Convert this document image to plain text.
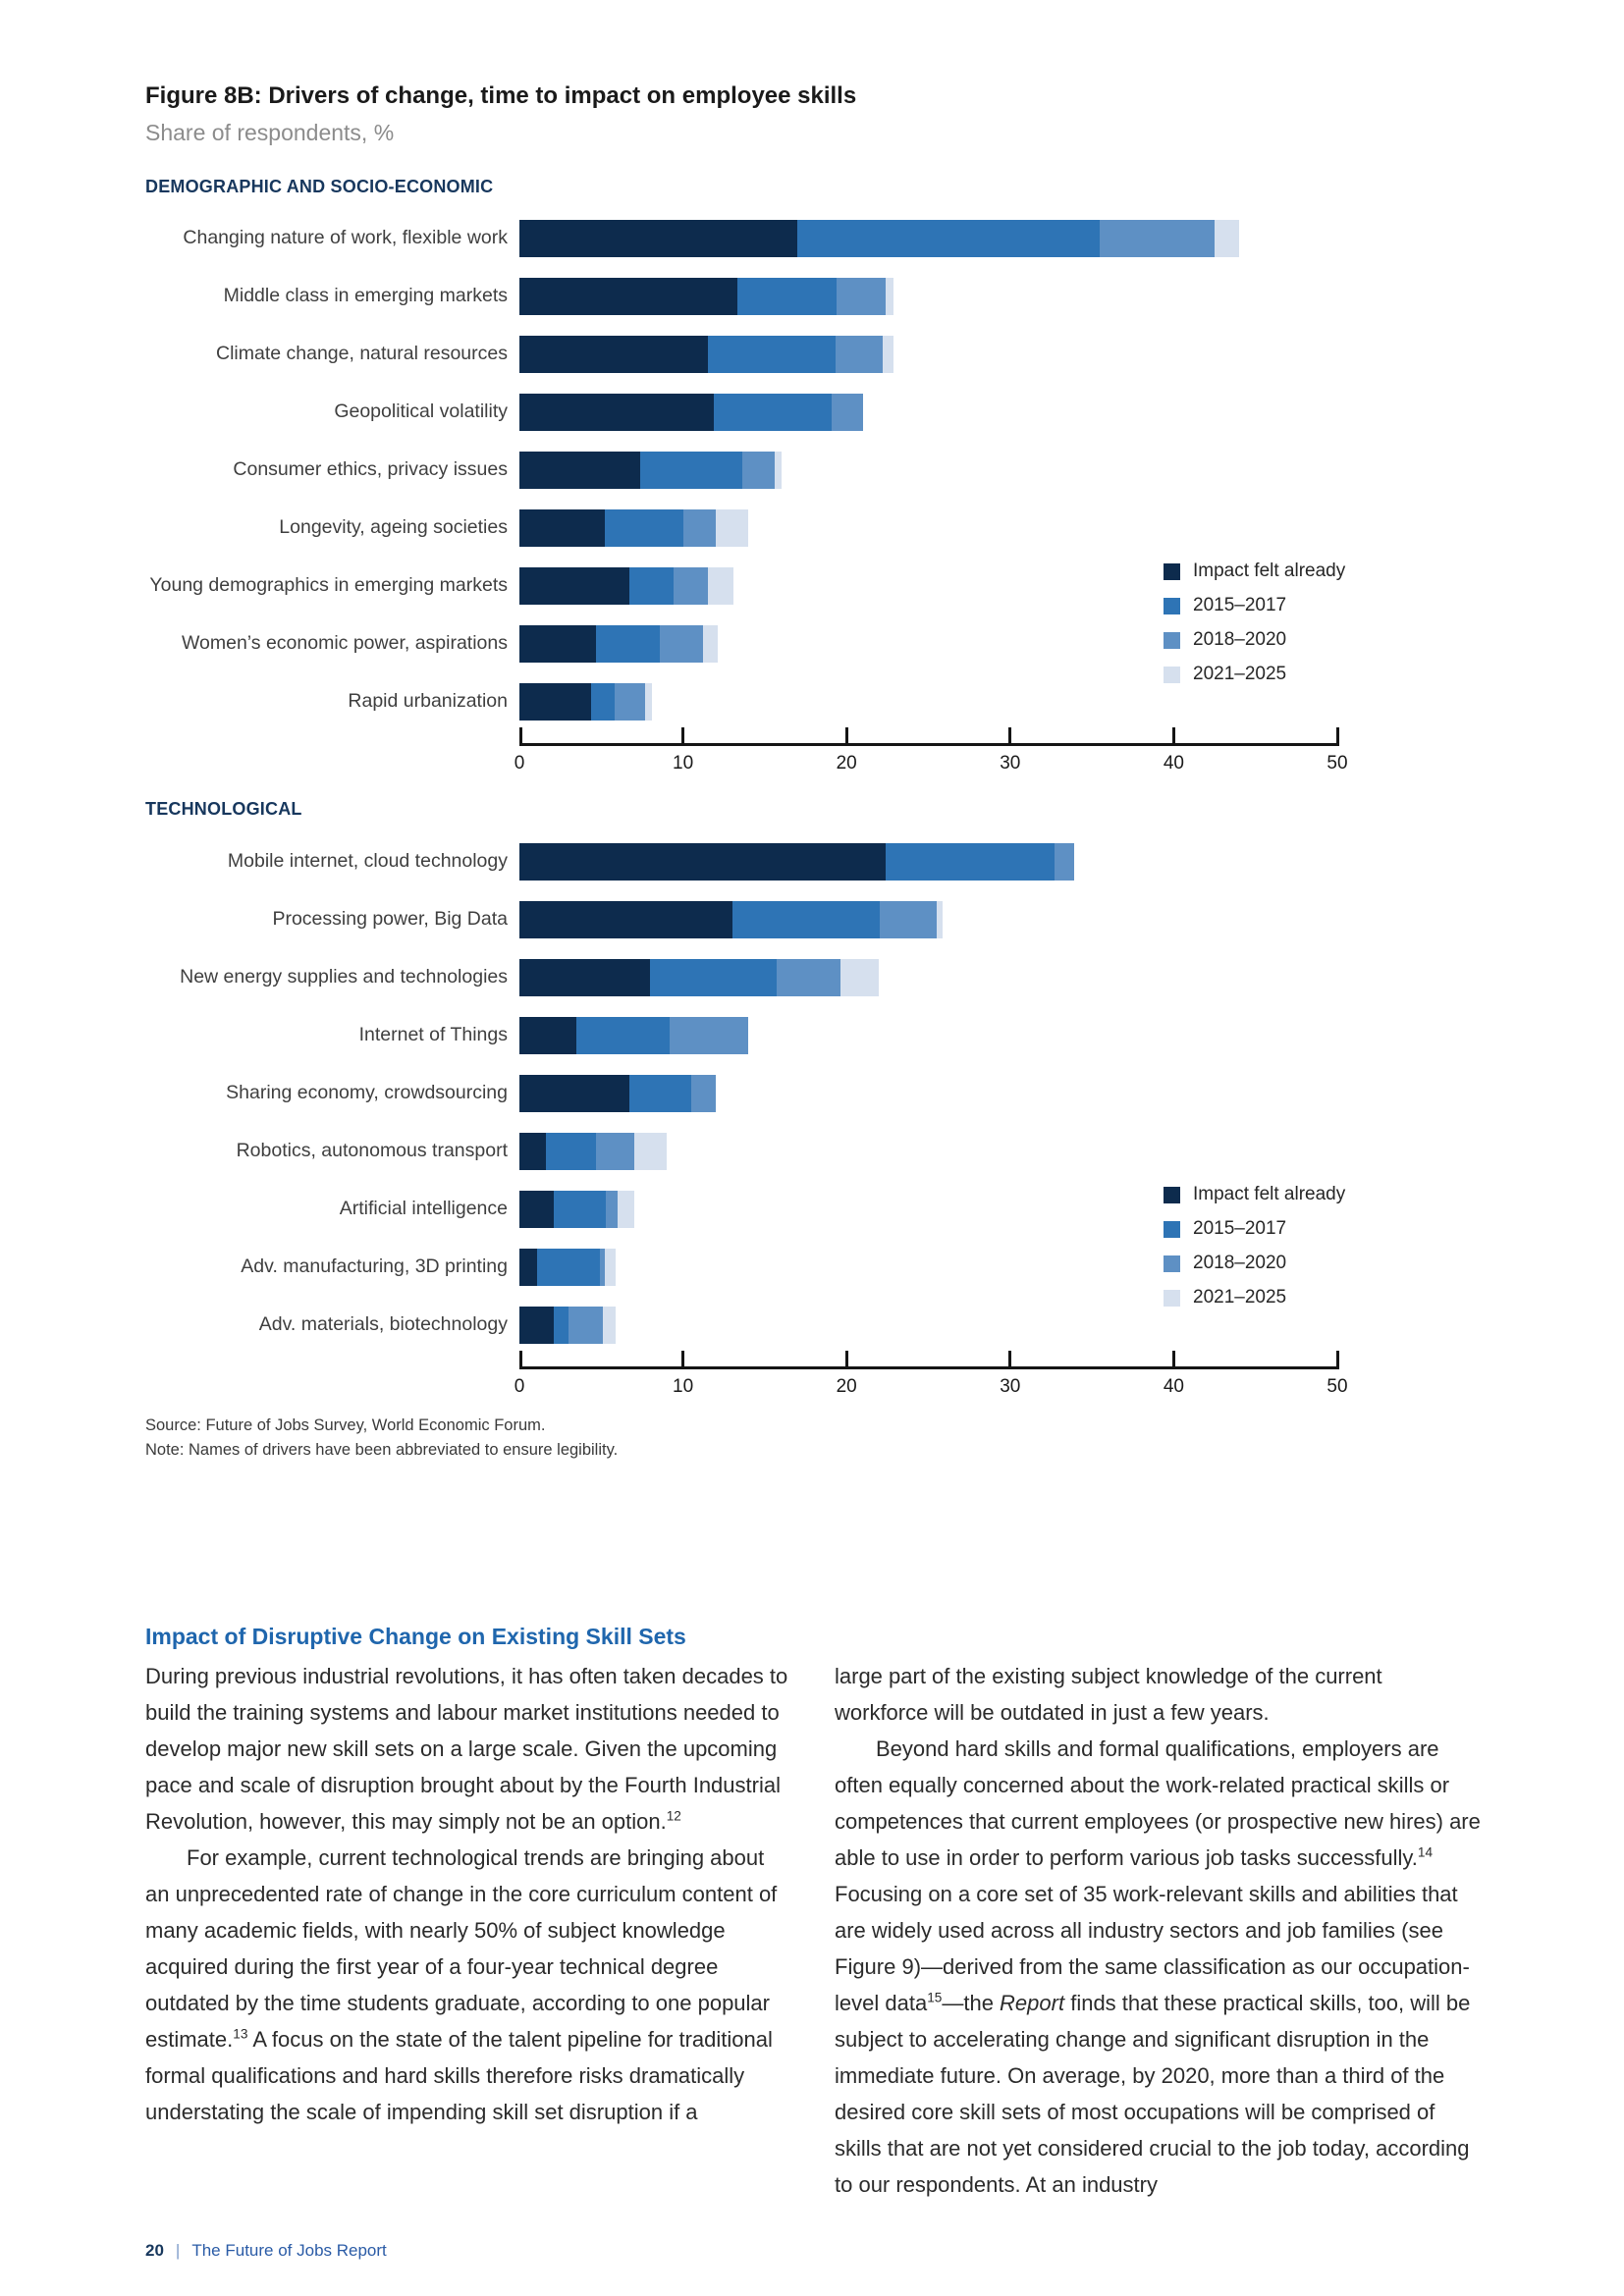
Figure 8B: Drivers of change, time to impact on employee skills
Share of respondents, %
DEMOGRAPHIC AND SOCIO-ECONOMIC
Changing nature of work, flexible work
Middle class in emerging markets
Climate change, natural resources
Geopolitical volatility
Consumer ethics, privacy issues
Longevity, ageing societies
Young demographics in emerging markets
Women’s economic power, aspirations
Rapid urbanization
0	10	20	30	40	50
Impact felt already
2015–2017
2018–2020
2021–2025
TECHNOLOGICAL
Mobile internet, cloud technology
Processing power, Big Data
New energy supplies and technologies
Internet of Things
Sharing economy, crowdsourcing
Robotics, autonomous transport
Artificial intelligence
Adv. manufacturing, 3D printing
Adv. materials, biotechnology
0	10	20	30	40	50
Impact felt already
2015–2017
2018–2020
2021–2025
Source: Future of Jobs Survey, World Economic Forum.
Note: Names of drivers have been abbreviated to ensure legibility.
Impact of Disruptive Change on Existing Skill Sets

During previous industrial revolutions, it has often taken decades to build the training systems and labour market institutions needed to develop major new skill sets on a large scale. Given the upcoming pace and scale of disruption brought about by the Fourth Industrial Revolution, however, this may simply not be an option.$^{12}$

For example, current technological trends are bringing about an unprecedented rate of change in the core curriculum content of many academic fields, with nearly 50% of subject knowledge acquired during the first year of a four-year technical degree outdated by the time students graduate, according to one popular estimate.$^{13}$ A focus on the state of the talent pipeline for traditional formal qualifications and hard skills therefore risks dramatically understating the scale of impending skill set disruption if a

large part of the existing subject knowledge of the current workforce will be outdated in just a few years.

Beyond hard skills and formal qualifications, employers are often equally concerned about the work-related practical skills or competences that current employees (or prospective new hires) are able to use in order to perform various job tasks successfully.$^{14}$ Focusing on a core set of 35 work-relevant skills and abilities that are widely used across all industry sectors and job families (see Figure 9)—derived from the same classification as our occupation-level data$^{15}$—the Report finds that these practical skills, too, will be subject to accelerating change and significant disruption in the immediate future. On average, by 2020, more than a third of the desired core skill sets of most occupations will be comprised of skills that are not yet considered crucial to the job today, according to our respondents. At an industry

20 | The Future of Jobs Report
